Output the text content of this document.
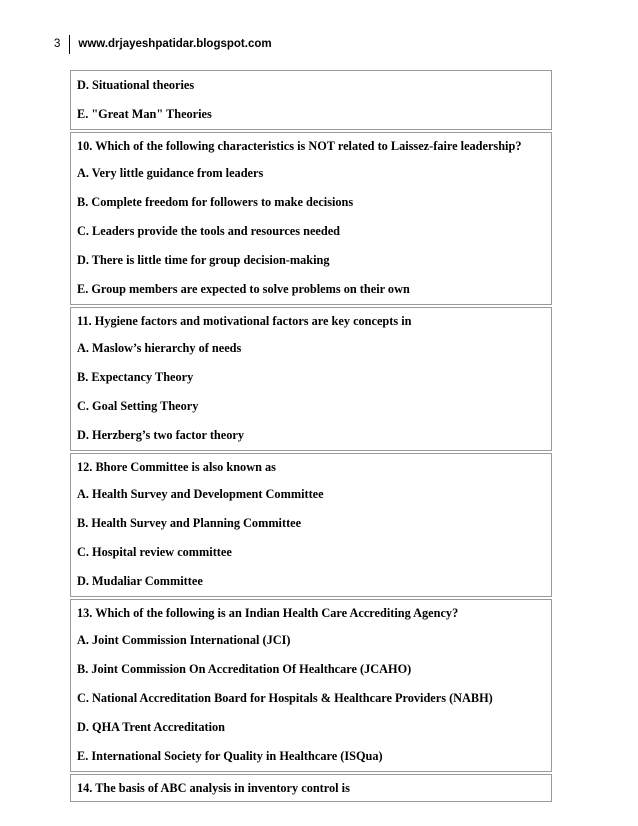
3	www.drjayeshpatidar.blogspot.com
D. Situational theories
E. "Great Man" Theories
10. Which of the following characteristics is NOT related to Laissez-faire leadership?
A. Very little guidance from leaders
B. Complete freedom for followers to make decisions
C. Leaders provide the tools and resources needed
D. There is little time for group decision-making
E. Group members are expected to solve problems on their own
11. Hygiene factors and motivational factors are key concepts in
A. Maslow’s hierarchy of needs
B. Expectancy Theory
C. Goal Setting Theory
D. Herzberg’s two factor theory
12. Bhore Committee is also known as
A. Health Survey and Development Committee
B. Health Survey and Planning Committee
C. Hospital review committee
D. Mudaliar Committee
13. Which of the following is an Indian Health Care Accrediting Agency?
A. Joint Commission International (JCI)
B. Joint Commission On Accreditation Of Healthcare (JCAHO)
C. National Accreditation Board for Hospitals & Healthcare Providers (NABH)
D. QHA Trent Accreditation
E. International Society for Quality in Healthcare (ISQua)
14. The basis of ABC analysis in inventory control is
